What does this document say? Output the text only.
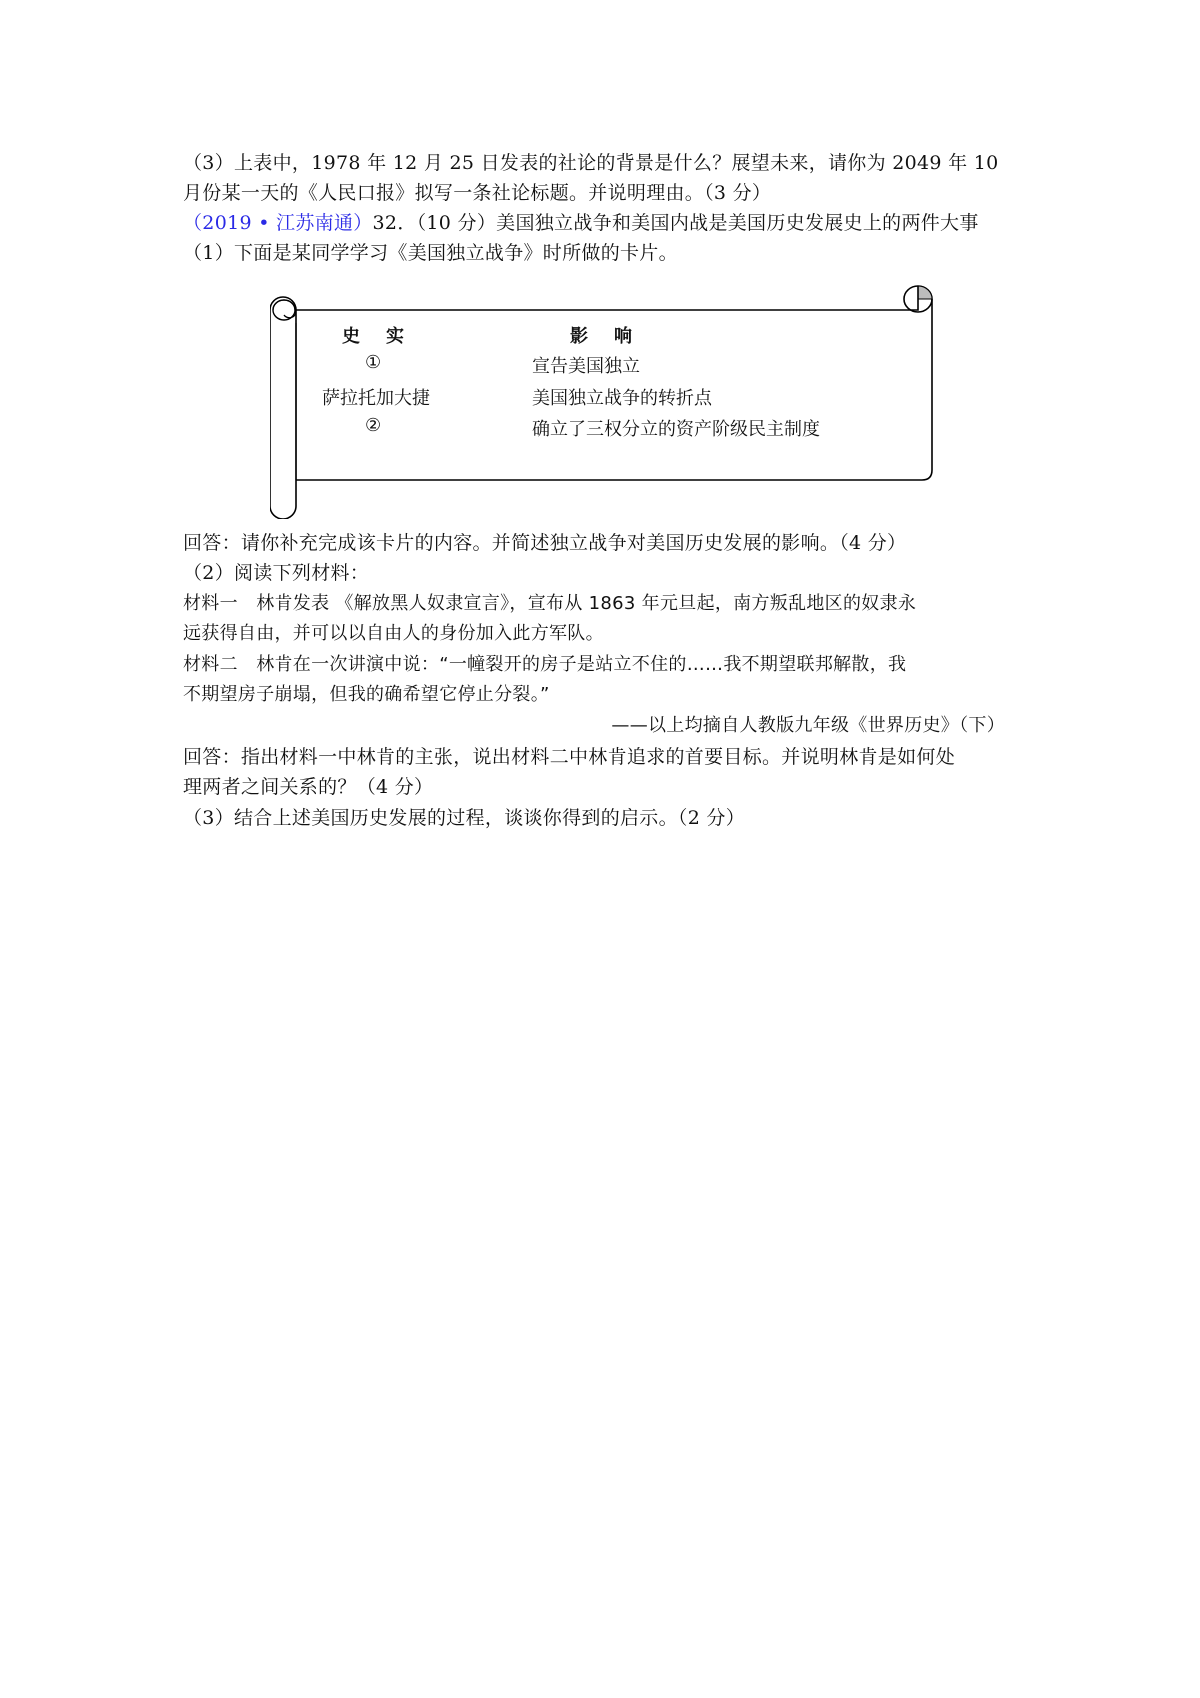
（3）上表中，1978 年 12 月 25 日发表的社论的背景是什么？展望未来，请你为 2049 年 10
月份某一天的《人民口报》拟写一条社论标题。并说明理由。（3 分）
（2019 • 江苏南通）32．（10 分）美国独立战争和美国内战是美国历史发展史上的两件大事
（1）下面是某同学学习《美国独立战争》时所做的卡片。
史实	影响
①	宣告美国独立
萨拉托加大捷	美国独立战争的转折点
②	确立了三权分立的资产阶级民主制度
回答：请你补充完成该卡片的内容。并简述独立战争对美国历史发展的影响。（4 分）
（2）阅读下列材料：
材料一　林肯发表 《解放黑人奴隶宣言》，宣布从 1863 年元旦起，南方叛乱地区的奴隶永
远获得自由，并可以以自由人的身份加入此方军队。
材料二　林肯在一次讲演中说：“一幢裂开的房子是站立不住的……我不期望联邦解散，我
不期望房子崩塌，但我的确希望它停止分裂。”
——以上均摘自人教版九年级《世界历史》（下）
回答：指出材料一中林肯的主张，说出材料二中林肯追求的首要目标。并说明林肯是如何处
理两者之间关系的？（4 分）
（3）结合上述美国历史发展的过程，谈谈你得到的启示。（2 分）
